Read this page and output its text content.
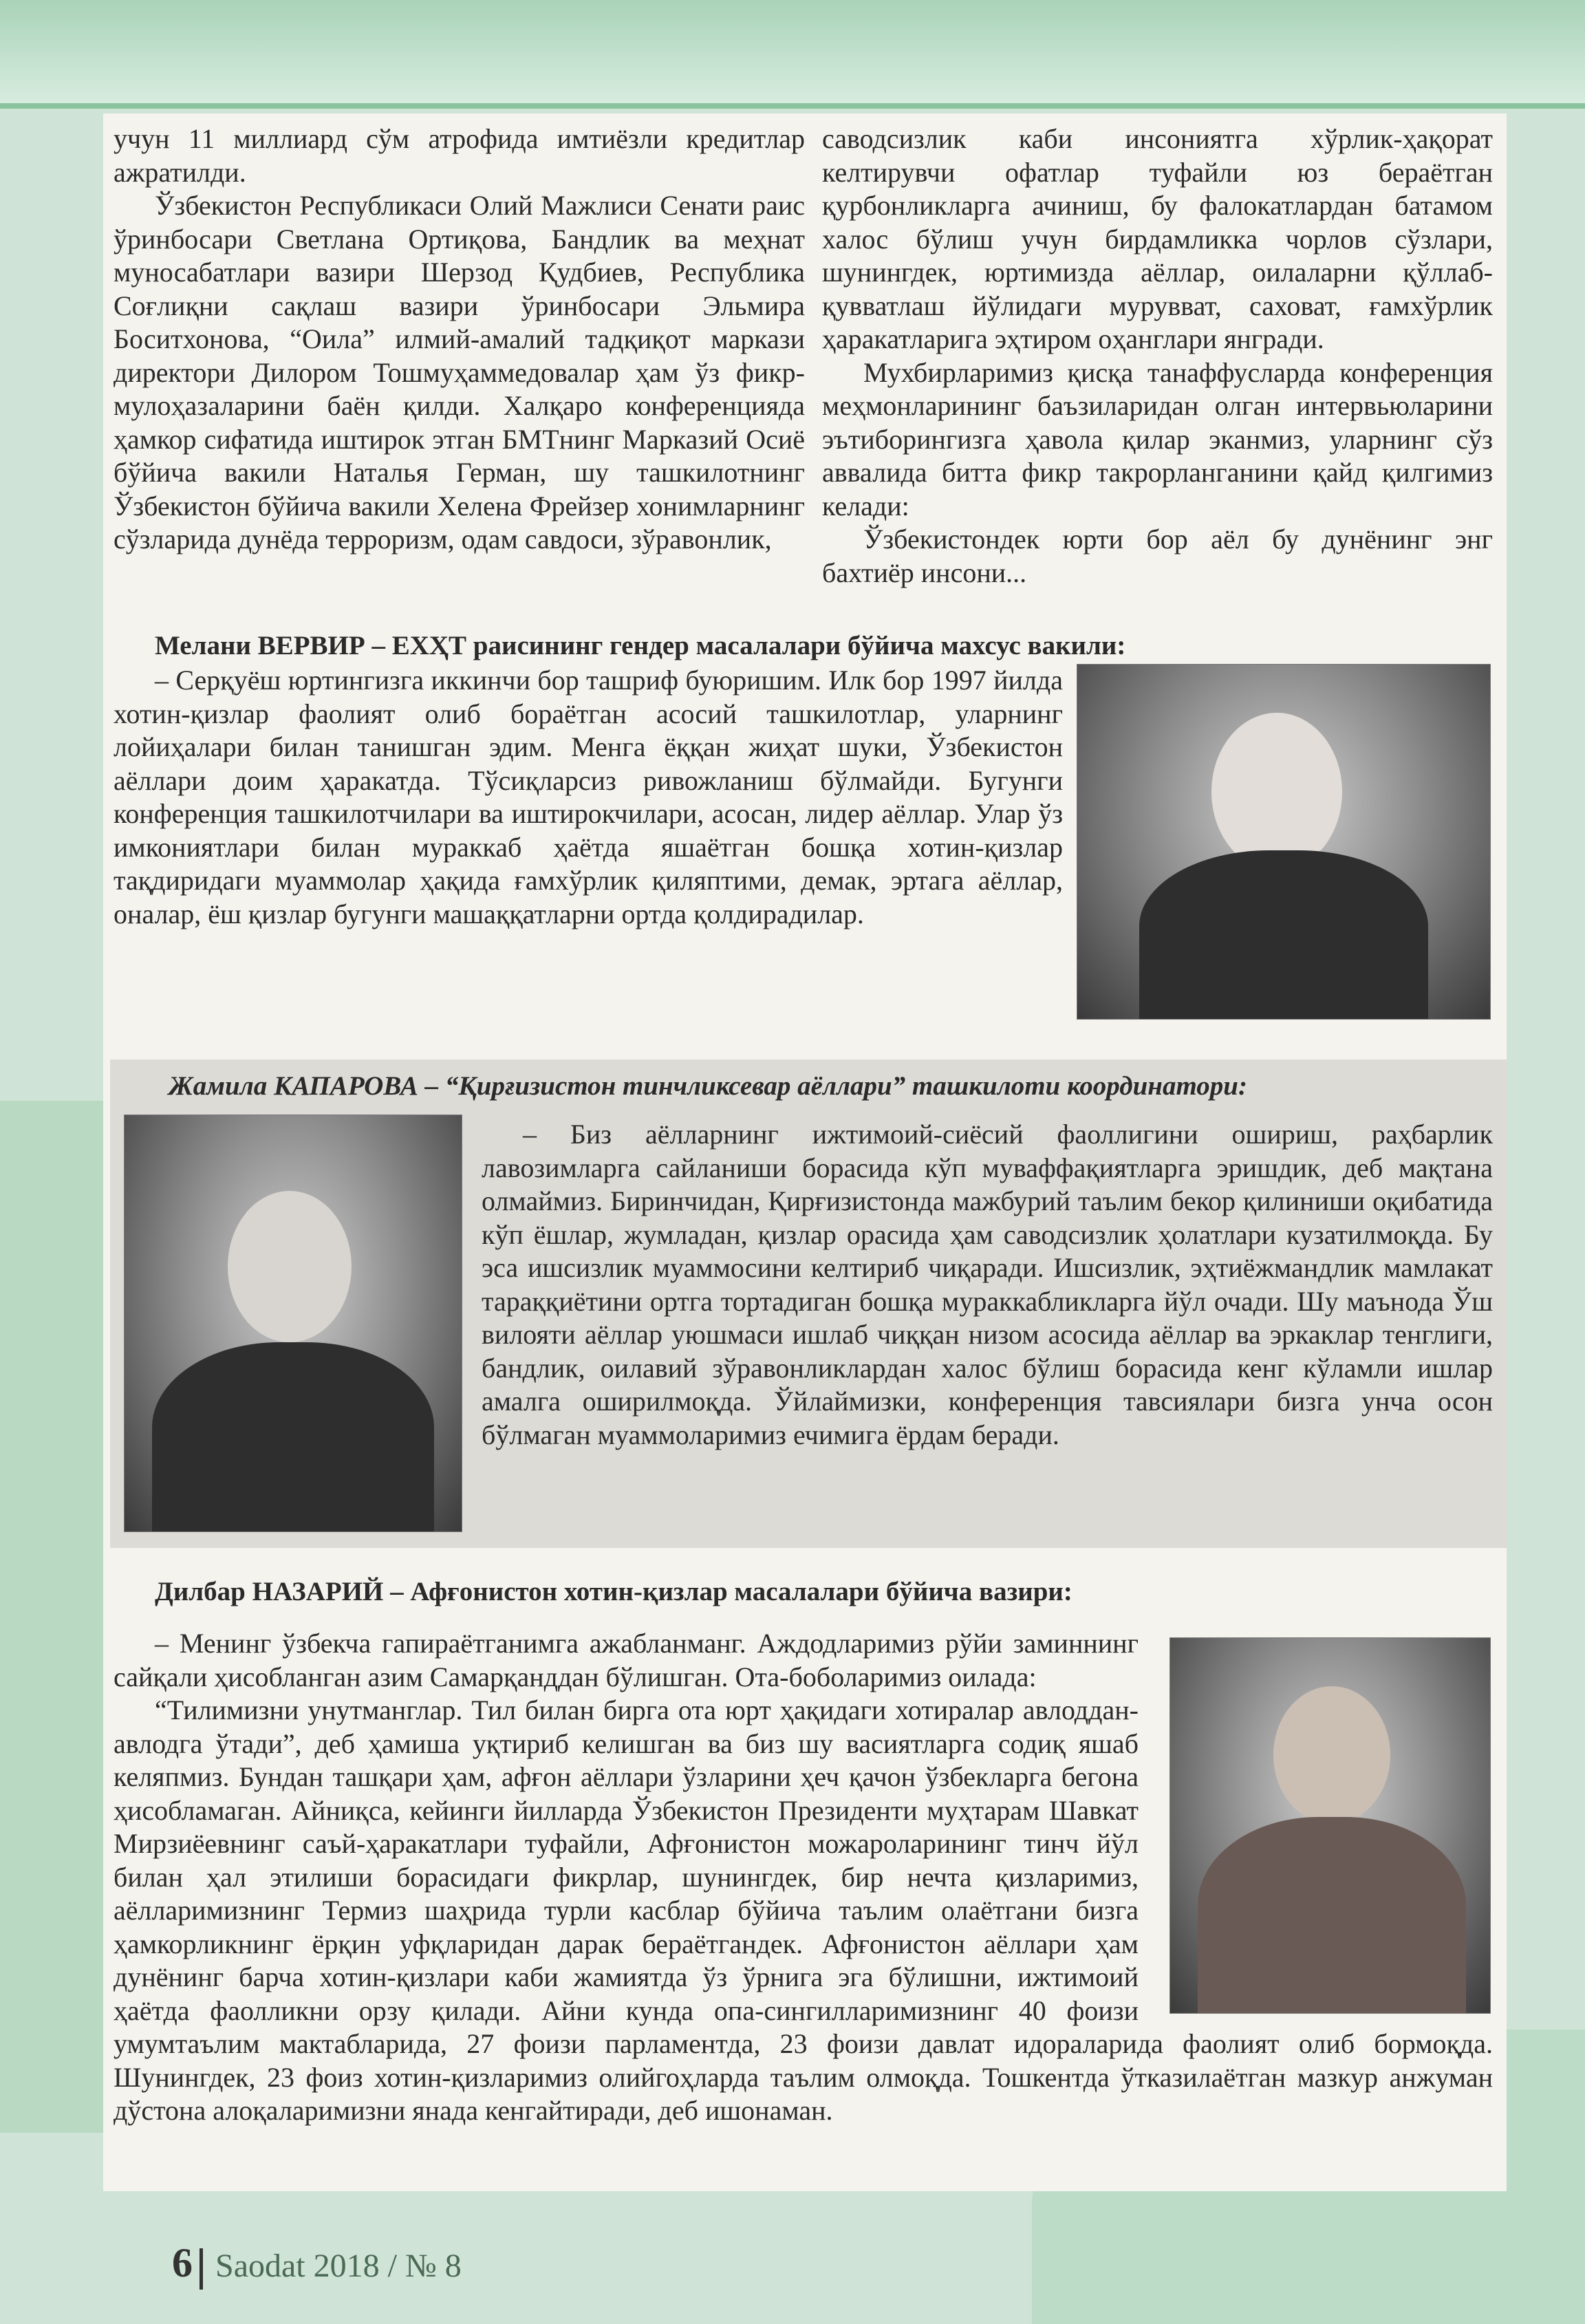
учун 11 миллиард сўм атрофида имтиёзли кредитлар ажратилди.

Ўзбекистон Республикаси Олий Мажлиси Сенати раис ўринбосари Светлана Ортиқова, Бандлик ва меҳнат муносабатлари вазири Шерзод Қудбиев, Республика Соғлиқни сақлаш вазири ўринбосари Эльмира Боситхонова, “Оила” илмий-амалий тадқиқот маркази директори Дилором Тошмуҳаммедовалар ҳам ўз фикр-мулоҳазаларини баён қилди. Халқаро конференцияда ҳамкор сифатида иштирок этган БМТнинг Марказий Осиё бўйича вакили Наталья Герман, шу ташкилотнинг Ўзбекистон бўйича вакили Хелена Фрейзер хонимларнинг сўзларида дунёда терроризм, одам савдоси, зўравонлик,

саводсизлик каби инсониятга хўрлик-ҳақорат келтирувчи офатлар туфайли юз бераётган қурбонликларга ачиниш, бу фалокатлардан батамом халос бўлиш учун бирдамликка чорлов сўзлари, шунингдек, юртимизда аёллар, оилаларни қўллаб-қувватлаш йўлидаги мурувват, саховат, ғамхўрлик ҳаракатларига эҳтиром оҳанглари янгради.

Мухбирларимиз қисқа танаффусларда конференция меҳмонларининг баъзиларидан олган интервьюларини эътиборингизга ҳавола қилар эканмиз, уларнинг сўз аввалида битта фикр такрорланганини қайд қилгимиз келади:

Ўзбекистондек юрти бор аёл бу дунёнинг энг бахтиёр инсони...

Мелани ВЕРВИР – ЕХҲТ раисининг гендер масалалари бўйича махсус вакили:

– Серқуёш юртингизга иккинчи бор ташриф буюришим. Илк бор 1997 йилда хотин-қизлар фаолият олиб бораётган асосий ташкилотлар, уларнинг лойиҳалари билан танишган эдим. Менга ёққан жиҳат шуки, Ўзбекистон аёллари доим ҳаракатда. Тўсиқларсиз ривожланиш бўлмайди. Бугунги конференция ташкилотчилари ва иштирокчилари, асосан, лидер аёллар. Улар ўз имкониятлари билан мураккаб ҳаётда яшаётган бошқа хотин-қизлар тақдиридаги муаммолар ҳақида ғамхўрлик қиляптими, демак, эртага аёллар, оналар, ёш қизлар бугунги машаққатларни ортда қолдирадилар.

Жамила КАПАРОВА – “Қирғизистон тинчликсевар аёллари” ташкилоти координатори:

– Биз аёлларнинг ижтимоий-сиёсий фаоллигини ошириш, раҳбарлик лавозимларга сайланиши борасида кўп муваффақиятларга эришдик, деб мақтана олмаймиз. Биринчидан, Қирғизистонда мажбурий таълим бекор қилиниши оқибатида кўп ёшлар, жумладан, қизлар орасида ҳам саводсизлик ҳолатлари кузатилмоқда. Бу эса ишсизлик муаммосини келтириб чиқаради. Ишсизлик, эҳтиёжмандлик мамлакат тараққиётини ортга тортадиган бошқа мураккабликларга йўл очади. Шу маънода Ўш вилояти аёллар уюшмаси ишлаб чиққан низом асосида аёллар ва эркаклар тенглиги, бандлик, оилавий зўравонликлардан халос бўлиш борасида кенг кўламли ишлар амалга оширилмоқда. Ўйлаймизки, конференция тавсиялари бизга унча осон бўлмаган муаммоларимиз ечимига ёрдам беради.

Дилбар НАЗАРИЙ – Афғонистон хотин-қизлар масалалари бўйича вазири:

– Менинг ўзбекча гапираётганимга ажабланманг. Аждодларимиз рўйи заминнинг сайқали ҳисобланган азим Самарқанддан бўлишган. Ота-боболаримиз оилада:

“Тилимизни унутманглар. Тил билан бирга ота юрт ҳақидаги хотиралар авлоддан-авлодга ўтади”, деб ҳамиша уқтириб келишган ва биз шу васиятларга содиқ яшаб келяпмиз. Бундан ташқари ҳам, афғон аёллари ўзларини ҳеч қачон ўзбекларга бегона ҳисобламаган. Айниқса, кейинги йилларда Ўзбекистон Президенти муҳтарам Шавкат Мирзиёевнинг саъй-ҳаракатлари туфайли, Афғонистон можароларининг тинч йўл билан ҳал этилиши борасидаги фикрлар, шунингдек, бир нечта қизларимиз, аёлларимизнинг Термиз шаҳрида турли касблар бўйича таълим олаётгани бизга ҳамкорликнинг ёрқин уфқларидан дарак бераётгандек. Афғонистон аёллари ҳам дунёнинг барча хотин-қизлари каби жамиятда ўз ўрнига эга бўлишни, ижтимоий ҳаётда фаолликни орзу қилади. Айни кунда опа-сингилларимизнинг 40 фоизи умумтаълим мактабларида, 27 фоизи парламентда, 23 фоизи давлат идораларида фаолият олиб бормоқда. Шунингдек, 23 фоиз хотин-қизларимиз олийгоҳларда таълим олмоқда. Тошкентда ўтказилаётган мазкур анжуман дўстона алоқаларимизни янада кенгайтиради, деб ишонаман.

6 Saodat 2018 / № 8
